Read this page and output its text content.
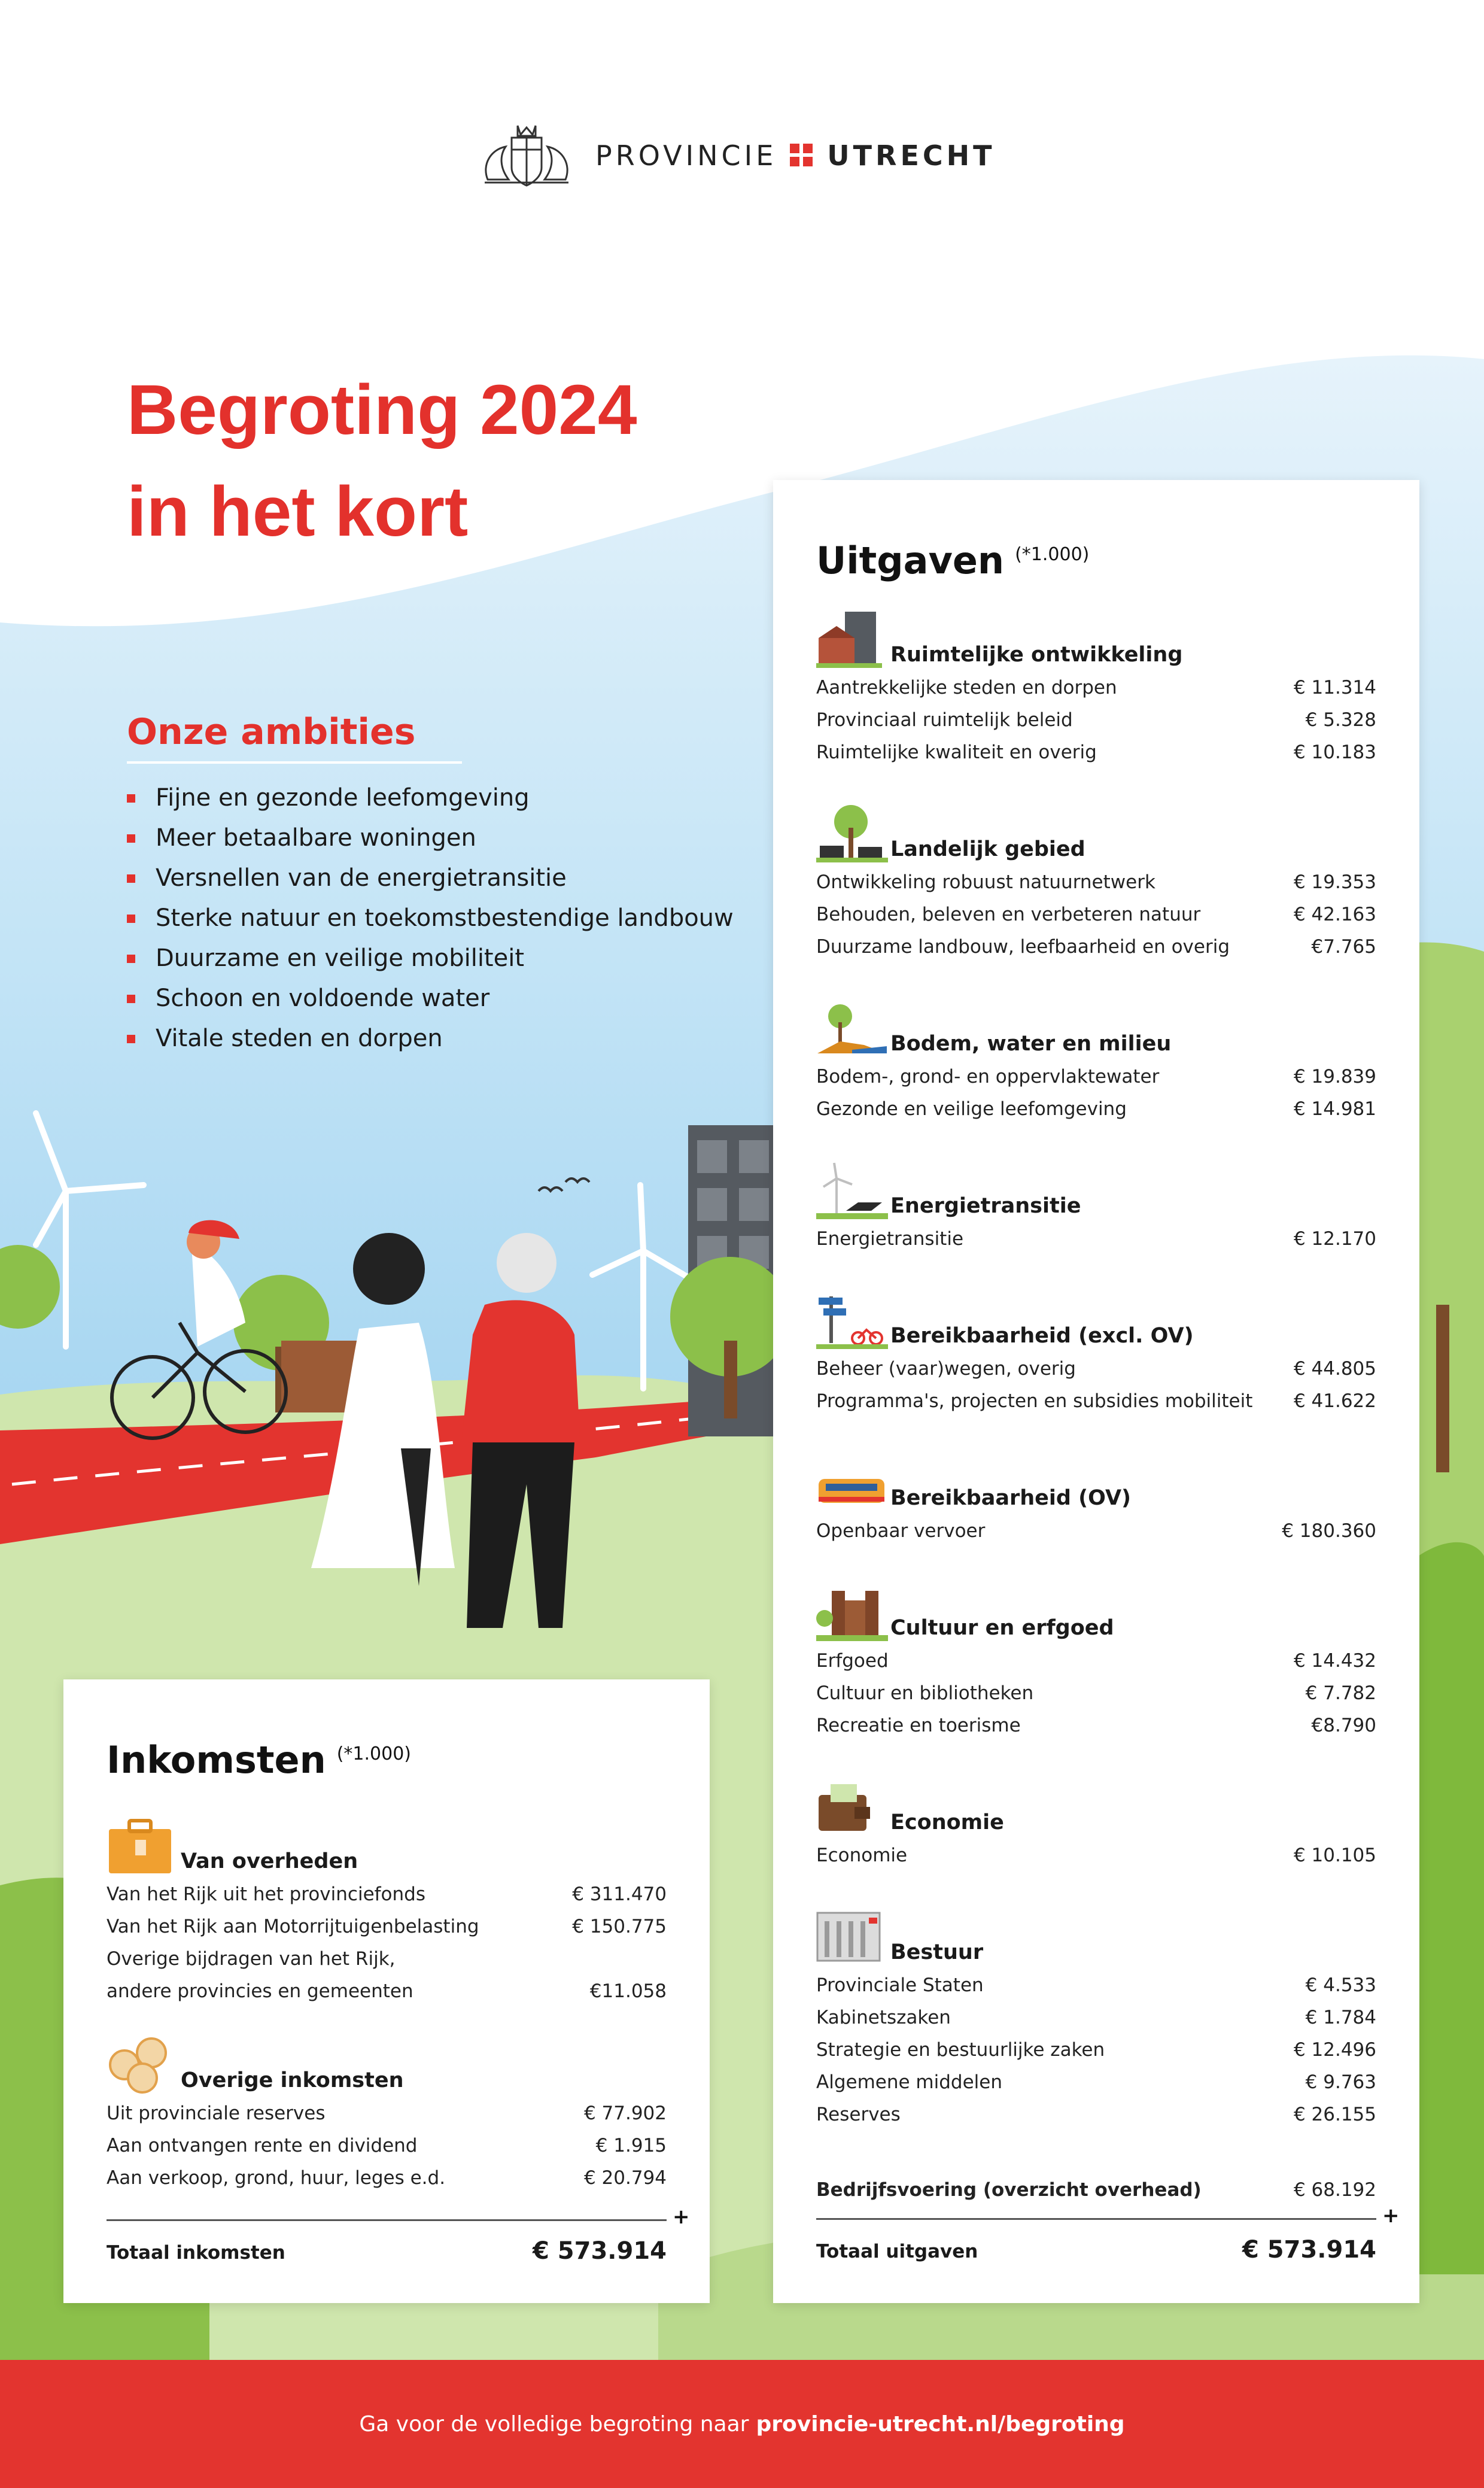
PROVINCIE UTRECHT
Begroting 2024
in het kort
Onze ambities
Fijne en gezonde leefomgeving
Meer betaalbare woningen
Versnellen van de energietransitie
Sterke natuur en toekomstbestendige landbouw
Duurzame en veilige mobiliteit
Schoon en voldoende water
Vitale steden en dorpen
Inkomsten $^{(*1.000)}$
Van overheden
Van het Rijk uit het provinciefonds	€ 311.470
Van het Rijk aan Motorrijtuigenbelasting	€ 150.775
Overige bijdragen van het Rijk,
andere provincies en gemeenten	€11.058
Overige inkomsten
Uit provinciale reserves	€ 77.902
Aan ontvangen rente en dividend	€ 1.915
Aan verkoop, grond, huur, leges e.d.	€ 20.794
+
Totaal inkomsten	€ 573.914
Uitgaven $^{(*1.000)}$
Ruimtelijke ontwikkeling
Aantrekkelijke steden en dorpen	€ 11.314
Provinciaal ruimtelijk beleid	€ 5.328
Ruimtelijke kwaliteit en overig	€ 10.183
Landelijk gebied
Ontwikkeling robuust natuurnetwerk	€ 19.353
Behouden, beleven en verbeteren natuur	€ 42.163
Duurzame landbouw, leefbaarheid en overig	€7.765
Bodem, water en milieu
Bodem-, grond- en oppervlaktewater	€ 19.839
Gezonde en veilige leefomgeving	€ 14.981
Energietransitie
Energietransitie	€ 12.170
Bereikbaarheid (excl. OV)
Beheer (vaar)wegen, overig	€ 44.805
Programma's, projecten en subsidies mobiliteit € 41.622
Bereikbaarheid (OV)
Openbaar vervoer	€ 180.360
Cultuur en erfgoed
Erfgoed	€ 14.432
Cultuur en bibliotheken	€ 7.782
Recreatie en toerisme	€8.790
Economie
Economie	€ 10.105
Bestuur
Provinciale Staten	€ 4.533
Kabinetszaken	€ 1.784
Strategie en bestuurlijke zaken	€ 12.496
Algemene middelen	€ 9.763
Reserves	€ 26.155
Bedrijfsvoering (overzicht overhead)	€ 68.192
+
Totaal uitgaven	€ 573.914
Ga voor de volledige begroting naar provincie-utrecht.nl/begroting
